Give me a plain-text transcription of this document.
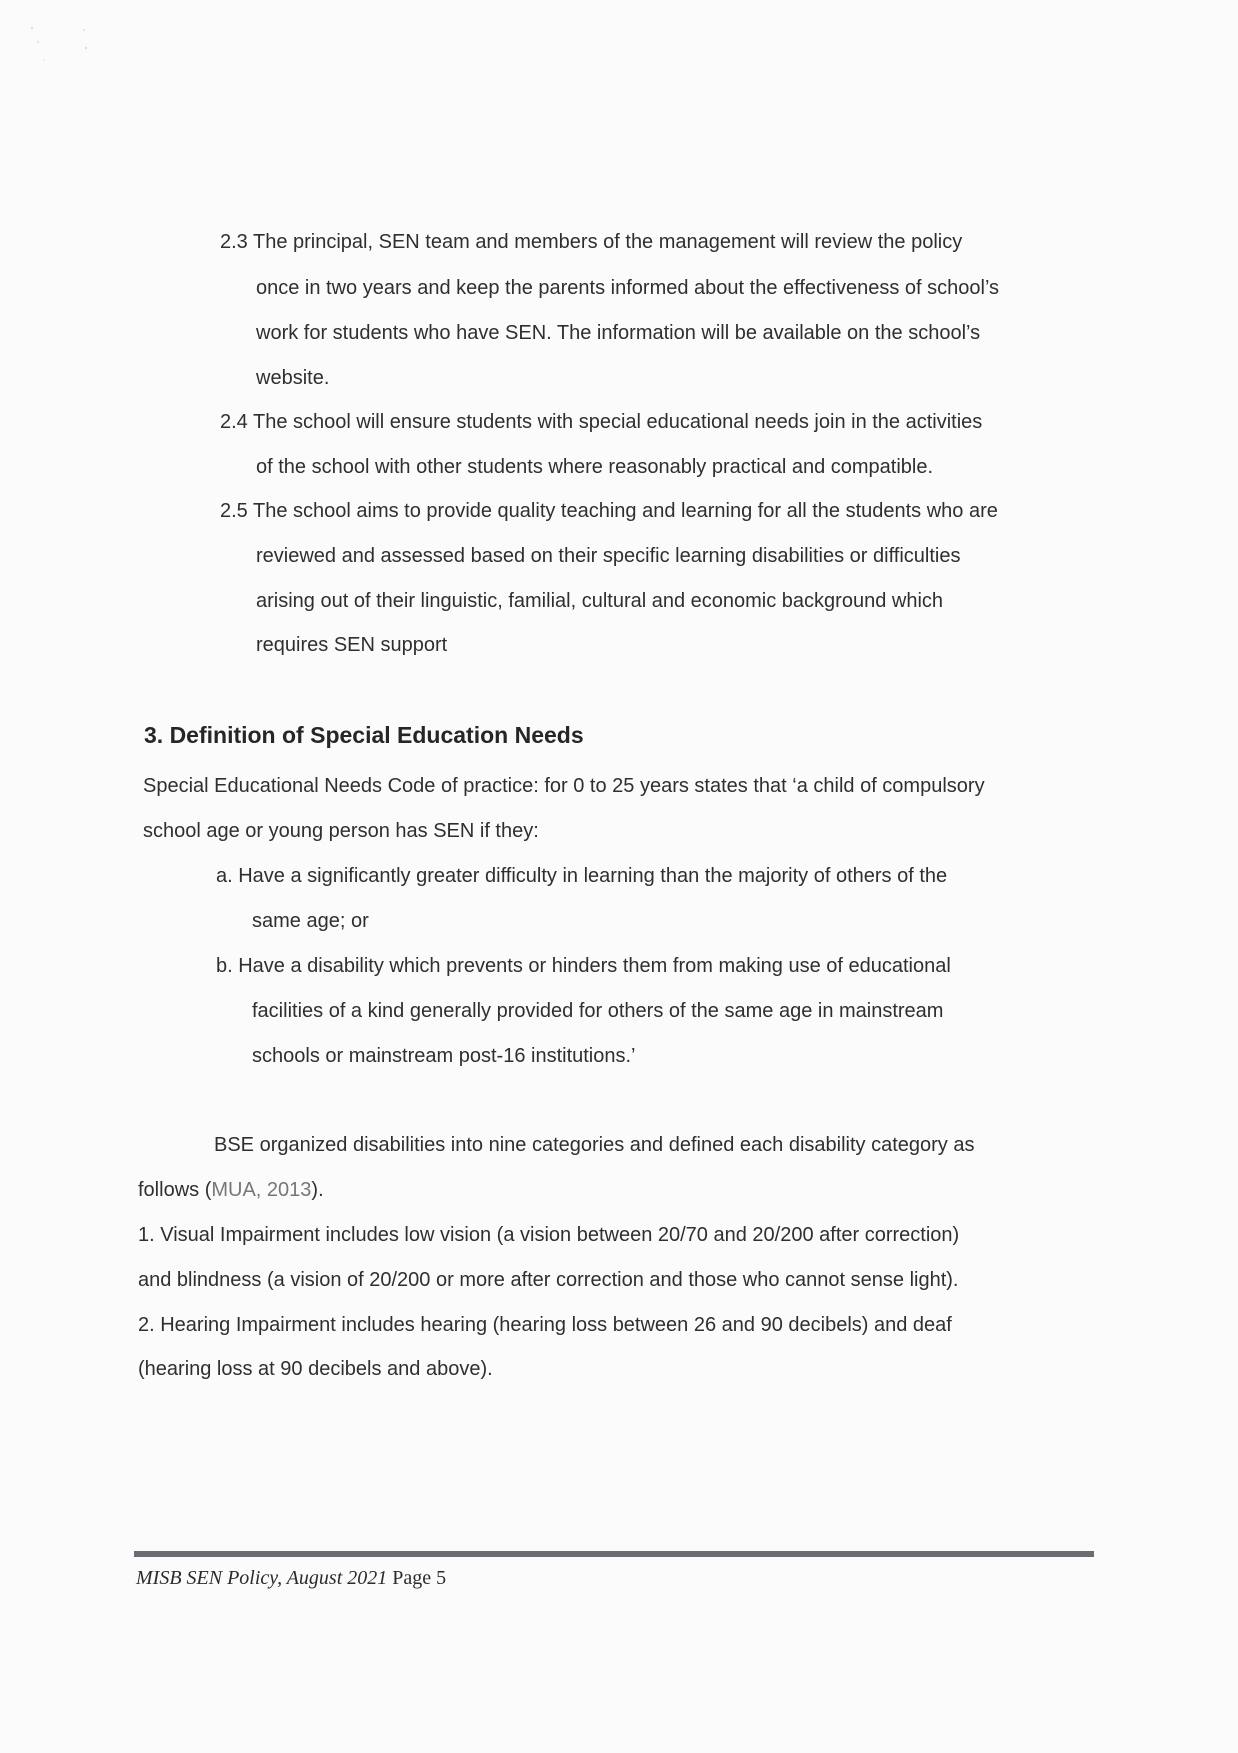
2.3 The principal, SEN team and members of the management will review the policy
once in two years and keep the parents informed about the effectiveness of school’s
work for students who have SEN. The information will be available on the school’s
website.
2.4 The school will ensure students with special educational needs join in the activities
of the school with other students where reasonably practical and compatible.
2.5 The school aims to provide quality teaching and learning for all the students who are
reviewed and assessed based on their specific learning disabilities or difficulties
arising out of their linguistic, familial, cultural and economic background which
requires SEN support
3. Definition of Special Education Needs
Special Educational Needs Code of practice: for 0 to 25 years states that ‘a child of compulsory
school age or young person has SEN if they:
a. Have a significantly greater difficulty in learning than the majority of others of the
same age; or
b. Have a disability which prevents or hinders them from making use of educational
facilities of a kind generally provided for others of the same age in mainstream
schools or mainstream post-16 institutions.’
BSE organized disabilities into nine categories and defined each disability category as
follows (MUA, 2013).
1. Visual Impairment includes low vision (a vision between 20/70 and 20/200 after correction)
and blindness (a vision of 20/200 or more after correction and those who cannot sense light).
2. Hearing Impairment includes hearing (hearing loss between 26 and 90 decibels) and deaf
(hearing loss at 90 decibels and above).
MISB SEN Policy, August 2021 Page 5
